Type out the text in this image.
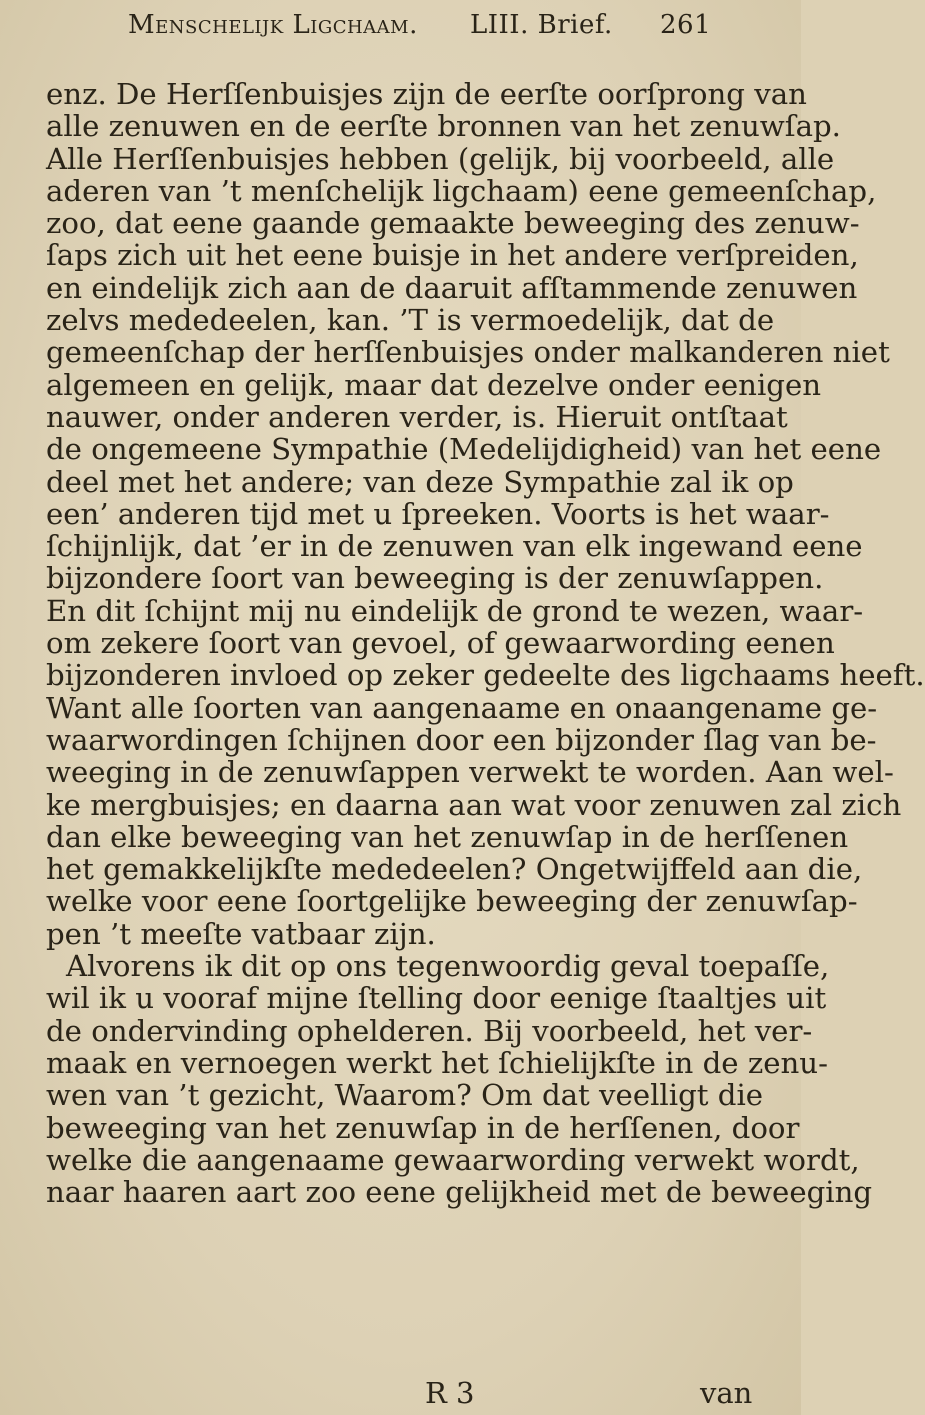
Menschelijk Ligchaam. LIII. Brief. 261
enz. De Herſſenbuisjes zijn de eerſte oorſprong van
alle zenuwen en de eerſte bronnen van het zenuwſap.
Alle Herſſenbuisjes hebben (gelijk, bij voorbeeld, alle
aderen van ’t menſchelijk ligchaam) eene gemeenſchap,
zoo, dat eene gaande gemaakte beweeging des zenuw-
ſaps zich uit het eene buisje in het andere verſpreiden,
en eindelijk zich aan de daaruit afſtammende zenuwen
zelvs mededeelen, kan. ’T is vermoedelijk, dat de
gemeenſchap der herſſenbuisjes onder malkanderen niet
algemeen en gelijk, maar dat dezelve onder eenigen
nauwer, onder anderen verder, is. Hieruit ontſtaat
de ongemeene Sympathie (Medelijdigheid) van het eene
deel met het andere; van deze Sympathie zal ik op
een’ anderen tijd met u ſpreeken. Voorts is het waar-
ſchijnlijk, dat ’er in de zenuwen van elk ingewand eene
bijzondere ſoort van beweeging is der zenuwſappen.
En dit ſchijnt mij nu eindelijk de grond te wezen, waar-
om zekere ſoort van gevoel, of gewaarwording eenen
bijzonderen invloed op zeker gedeelte des ligchaams heeft.
Want alle ſoorten van aangenaame en onaangename ge-
waarwordingen ſchijnen door een bijzonder ſlag van be-
weeging in de zenuwſappen verwekt te worden. Aan wel-
ke mergbuisjes; en daarna aan wat voor zenuwen zal zich
dan elke beweeging van het zenuwſap in de herſſenen
het gemakkelijkſte mededeelen? Ongetwijffeld aan die,
welke voor eene ſoortgelijke beweeging der zenuwſap-
pen ’t meeſte vatbaar zijn.
Alvorens ik dit op ons tegenwoordig geval toepaſſe,
wil ik u vooraf mijne ſtelling door eenige ſtaaltjes uit
de ondervinding ophelderen. Bij voorbeeld, het ver-
maak en vernoegen werkt het ſchielijkſte in de zenu-
wen van ’t gezicht, Waarom? Om dat veelligt die
beweeging van het zenuwſap in de herſſenen, door
welke die aangenaame gewaarwording verwekt wordt,
naar haaren aart zoo eene gelijkheid met de beweeging
R 3	van
